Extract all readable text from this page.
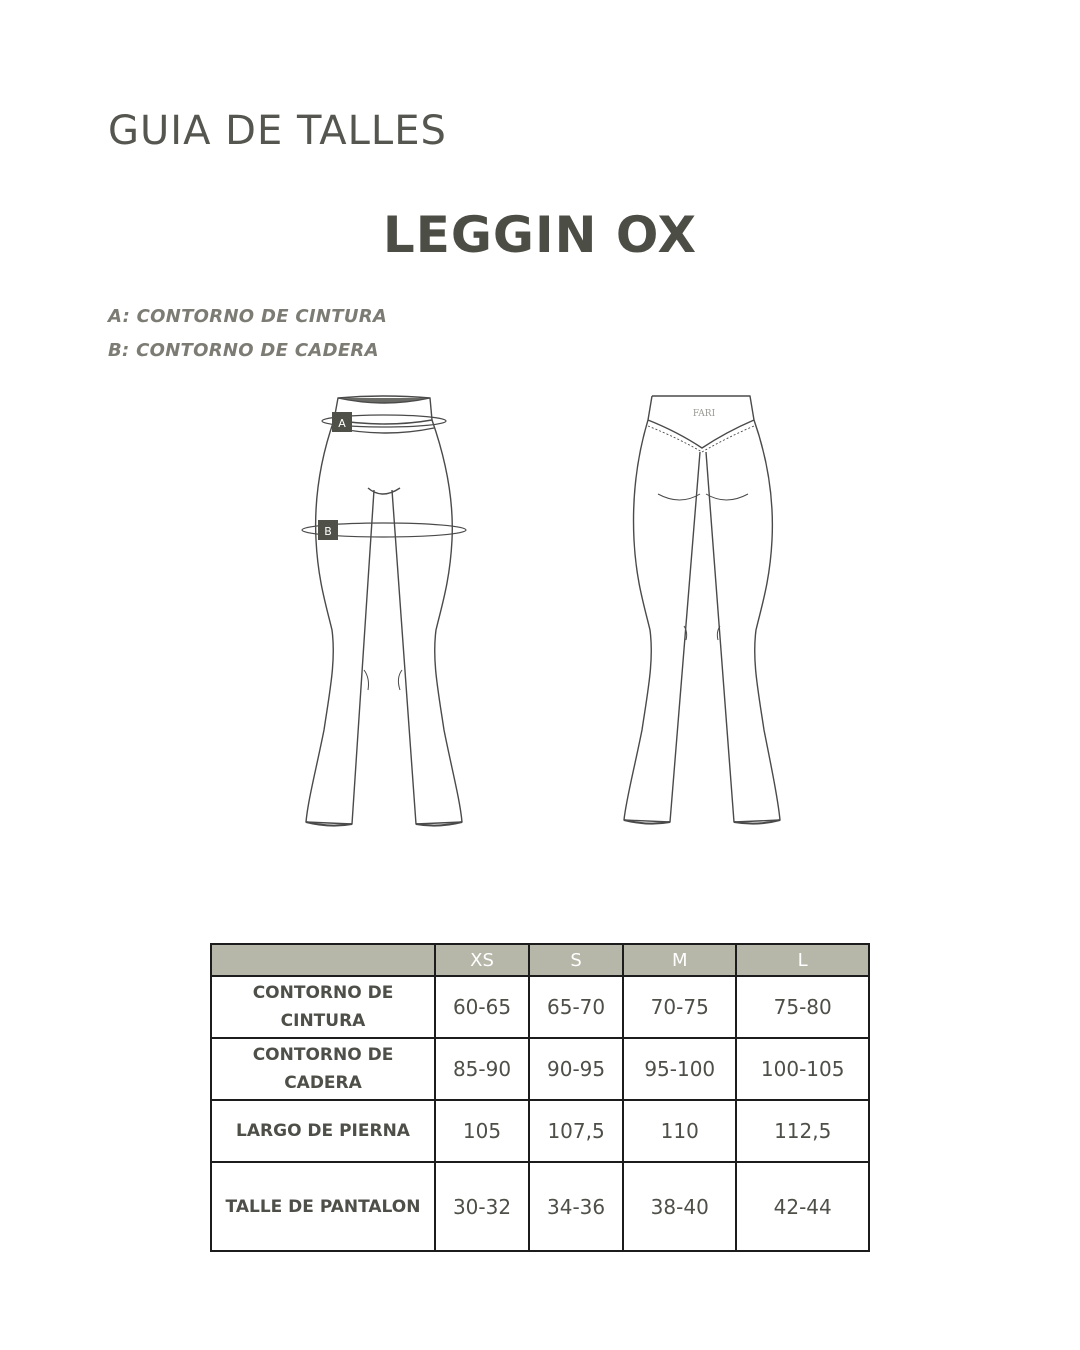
GUIA DE TALLES
LEGGIN OX
A: CONTORNO DE CINTURA
B: CONTORNO DE CADERA
A
B
FARI
	XS	S	M	L
CONTORNO DE CINTURA	60-65	65-70	70-75	75-80
CONTORNO DE CADERA	85-90	90-95	95-100	100-105
LARGO DE PIERNA	105	107,5	110	112,5
TALLE DE PANTALON	30-32	34-36	38-40	42-44
